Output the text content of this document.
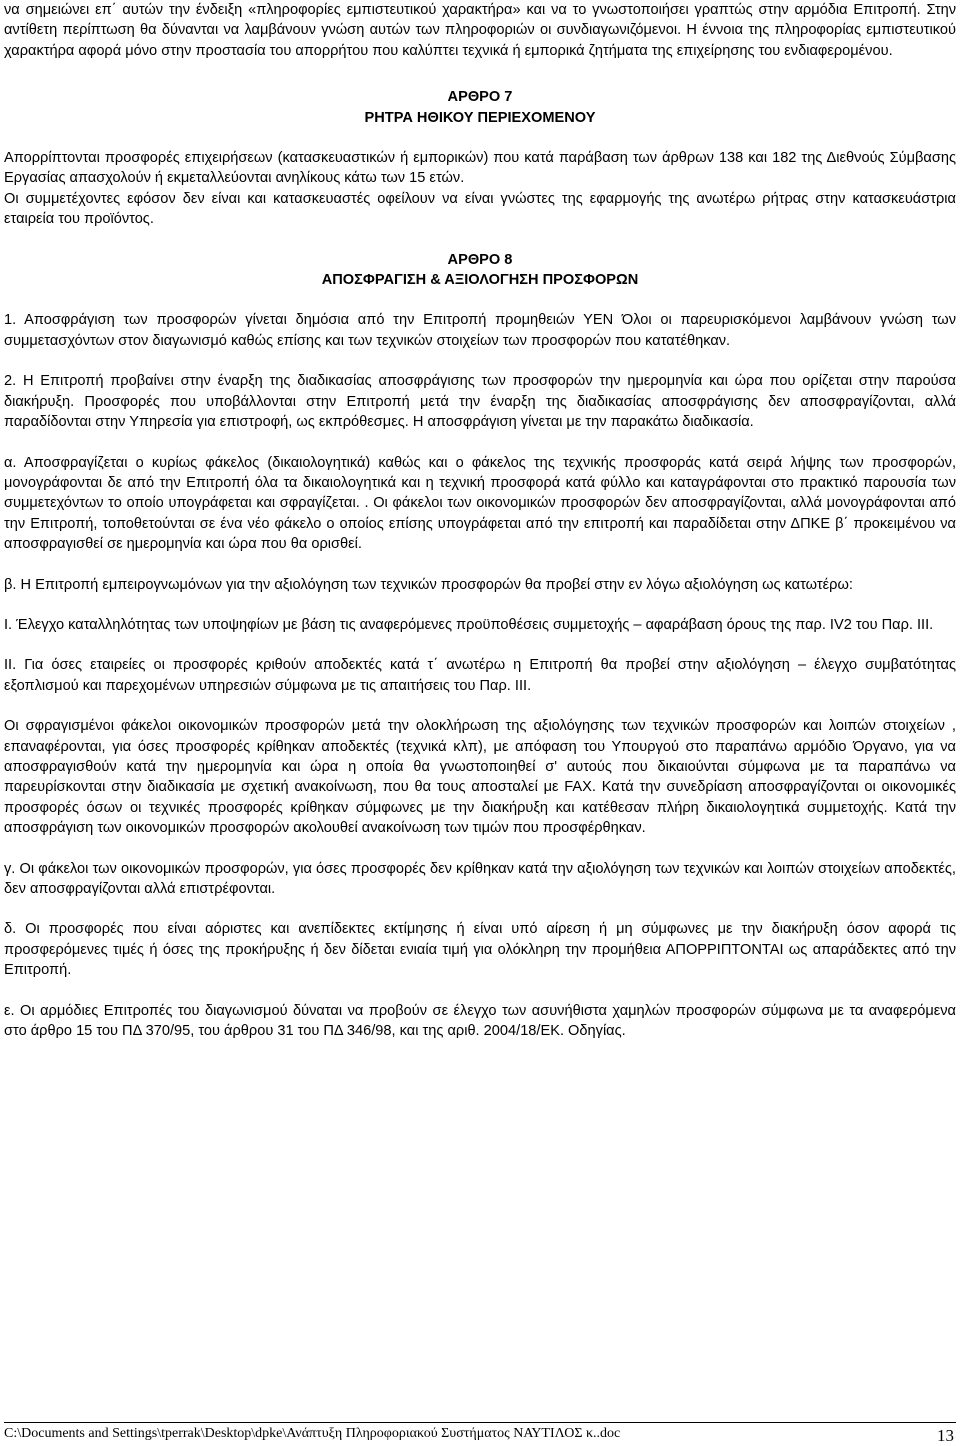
να σημειώνει επ΄ αυτών την ένδειξη «πληροφορίες εμπιστευτικού χαρακτήρα» και να το γνωστοποιήσει γραπτώς στην αρμόδια Επιτροπή. Στην αντίθετη περίπτωση θα δύνανται να λαμβάνουν γνώση αυτών των πληροφοριών οι συνδιαγωνιζόμενοι. Η έννοια της πληροφορίας εμπιστευτικού χαρακτήρα αφορά μόνο στην προστασία του απορρήτου που καλύπτει τεχνικά ή εμπορικά ζητήματα της επιχείρησης του ενδιαφερομένου.

ΑΡΘΡΟ 7

ΡΗΤΡΑ ΗΘΙΚΟΥ ΠΕΡΙΕΧΟΜΕΝΟΥ

Απορρίπτονται προσφορές επιχειρήσεων (κατασκευαστικών ή εμπορικών) που κατά παράβαση των άρθρων 138 και 182 της Διεθνούς Σύμβασης Εργασίας απασχολούν ή εκμεταλλεύονται ανηλίκους κάτω των 15 ετών.

Οι συμμετέχοντες εφόσον δεν είναι και κατασκευαστές οφείλουν να είναι γνώστες της εφαρμογής της ανωτέρω ρήτρας στην κατασκευάστρια εταιρεία του προϊόντος.

ΑΡΘΡΟ 8

ΑΠΟΣΦΡΑΓΙΣΗ & ΑΞΙΟΛΟΓΗΣΗ ΠΡΟΣΦΟΡΩΝ

1. Αποσφράγιση των προσφορών γίνεται δημόσια από την Επιτροπή προμηθειών ΥΕΝ Όλοι οι παρευρισκόμενοι λαμβάνουν γνώση των συμμετασχόντων στον διαγωνισμό καθώς επίσης και των τεχνικών στοιχείων των προσφορών που κατατέθηκαν.

2. Η Επιτροπή προβαίνει στην έναρξη της διαδικασίας αποσφράγισης των προσφορών την ημερομηνία και ώρα που ορίζεται στην παρούσα διακήρυξη. Προσφορές που υποβάλλονται στην Επιτροπή μετά την έναρξη της διαδικασίας αποσφράγισης δεν αποσφραγίζονται, αλλά παραδίδονται στην Υπηρεσία για επιστροφή, ως εκπρόθεσμες. Η αποσφράγιση γίνεται με την παρακάτω διαδικασία.

α. Αποσφραγίζεται ο κυρίως φάκελος (δικαιολογητικά) καθώς και ο φάκελος της τεχνικής προσφοράς κατά σειρά λήψης των προσφορών, μονογράφονται δε από την Επιτροπή όλα τα δικαιολογητικά και η τεχνική προσφορά κατά φύλλο και καταγράφονται στο πρακτικό παρουσία των συμμετεχόντων το οποίο υπογράφεται και σφραγίζεται. . Οι φάκελοι των οικονομικών προσφορών δεν αποσφραγίζονται, αλλά μονογράφονται από την Επιτροπή, τοποθετούνται σε ένα νέο φάκελο ο οποίος επίσης υπογράφεται από την επιτροπή και παραδίδεται στην ΔΠΚΕ β΄ προκειμένου να αποσφραγισθεί σε ημερομηνία και ώρα που θα ορισθεί.

β. Η Επιτροπή εμπειρογνωμόνων για την αξιολόγηση των τεχνικών προσφορών θα προβεί στην εν λόγω αξιολόγηση ως κατωτέρω:

I. Έλεγχο καταλληλότητας των υποψηφίων με βάση τις αναφερόμενες προϋποθέσεις συμμετοχής – αφαράβαση όρους της παρ. IV2 του Παρ. III.

II. Για όσες εταιρείες οι προσφορές κριθούν αποδεκτές κατά τ΄ ανωτέρω η Επιτροπή θα προβεί στην αξιολόγηση – έλεγχο συμβατότητας εξοπλισμού και παρεχομένων υπηρεσιών σύμφωνα με τις απαιτήσεις του Παρ. III.

Οι σφραγισμένοι φάκελοι οικονομικών προσφορών μετά την ολοκλήρωση της αξιολόγησης των τεχνικών προσφορών και λοιπών στοιχείων , επαναφέρονται, για όσες προσφορές κρίθηκαν αποδεκτές (τεχνικά κλπ), με απόφαση του Υπουργού στο παραπάνω αρμόδιο Όργανο, για να αποσφραγισθούν κατά την ημερομηνία και ώρα η οποία θα γνωστοποιηθεί σ' αυτούς που δικαιούνται σύμφωνα με τα παραπάνω να παρευρίσκονται στην διαδικασία με σχετική ανακοίνωση, που θα τους αποσταλεί με FAX. Κατά την συνεδρίαση αποσφραγίζονται οι οικονομικές προσφορές όσων οι τεχνικές προσφορές κρίθηκαν σύμφωνες με την διακήρυξη και κατέθεσαν πλήρη δικαιολογητικά συμμετοχής. Κατά την αποσφράγιση των οικονομικών προσφορών ακολουθεί ανακοίνωση των τιμών που προσφέρθηκαν.

γ. Οι φάκελοι των οικονομικών προσφορών, για όσες προσφορές δεν κρίθηκαν κατά την αξιολόγηση των τεχνικών και λοιπών στοιχείων αποδεκτές, δεν αποσφραγίζονται αλλά επιστρέφονται.

δ. Οι προσφορές που είναι αόριστες και ανεπίδεκτες εκτίμησης ή είναι υπό αίρεση ή μη σύμφωνες με την διακήρυξη όσον αφορά τις προσφερόμενες τιμές ή όσες της προκήρυξης ή δεν δίδεται ενιαία τιμή για ολόκληρη την προμήθεια ΑΠΟΡΡΙΠΤΟΝΤΑΙ ως απαράδεκτες από την Επιτροπή.

ε. Οι αρμόδιες Επιτροπές του διαγωνισμού δύναται να προβούν σε έλεγχο των ασυνήθιστα χαμηλών προσφορών σύμφωνα με τα αναφερόμενα στο άρθρο 15 του ΠΔ 370/95, του άρθρου 31 του ΠΔ 346/98, και της αριθ. 2004/18/ΕΚ. Οδηγίας.

C:\Documents and Settings\tperrak\Desktop\dpke\Ανάπτυξη Πληροφοριακού Συστήματος ΝΑΥΤΙΛΟΣ κ..doc	13
